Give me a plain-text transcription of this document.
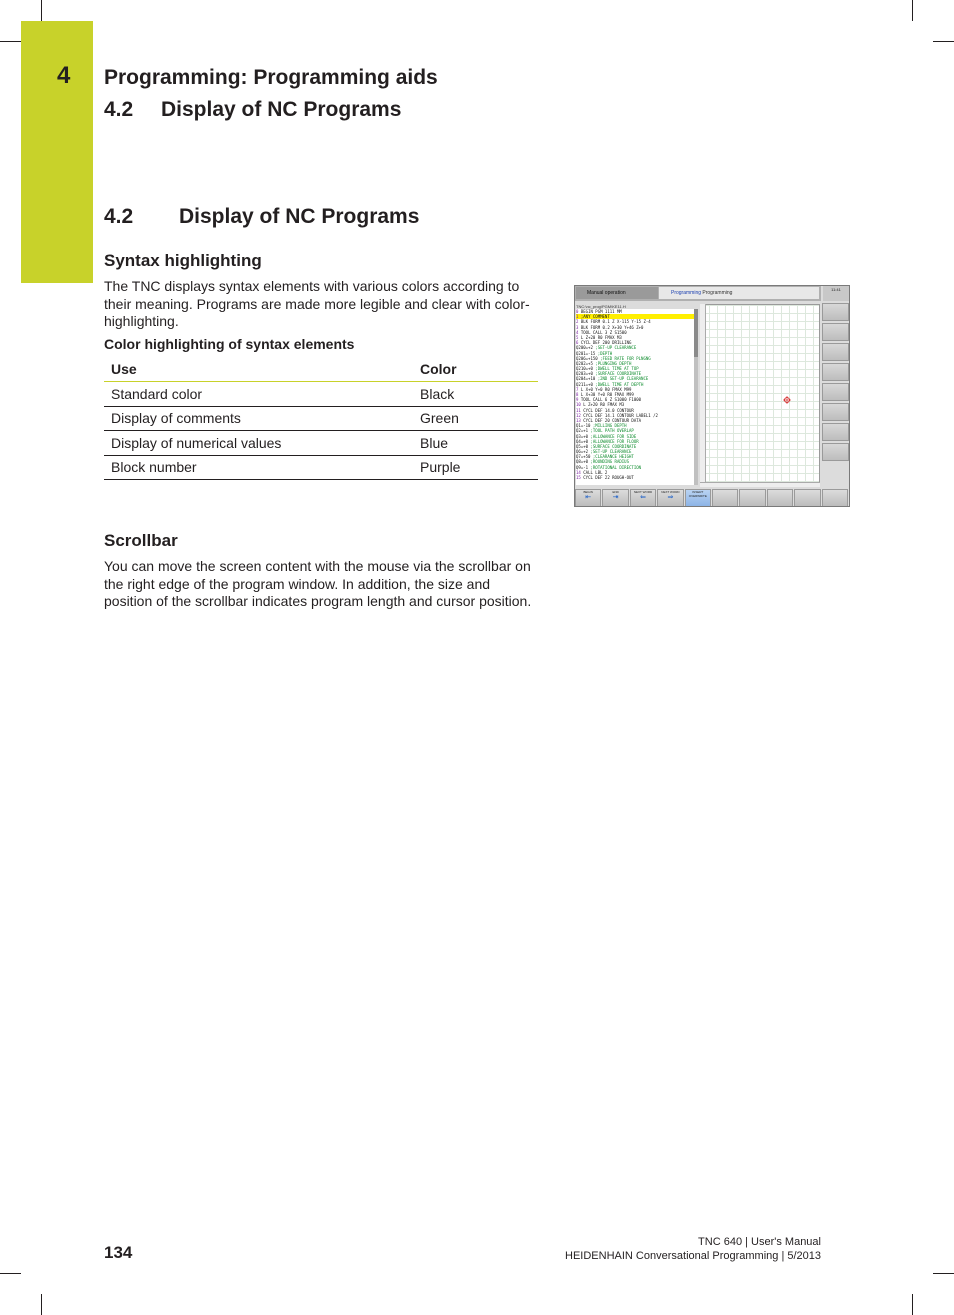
4 Programming: Programming aids
4.2 Display of NC Programs
4.2 Display of NC Programs
Syntax highlighting
The TNC displays syntax elements with various colors according to their meaning. Programs are made more legible and clear with color-highlighting.
Color highlighting of syntax elements
Use	Color
Standard color	Black
Display of comments	Green
Display of numerical values	Blue
Block number	Purple
Scrollbar
You can move the screen content with the mouse via the scrollbar on the right edge of the program window. In addition, the size and position of the scrollbar indicates program length and cursor position.
Manual operation	Programming Programming
11:41
TNC:\nc_prog\PGM\KE11.H
0 BEGIN PGM 1111 MM
1 ;ANY COMMENT
2 BLK FORM 0.1 Z X-115 Y-15 Z-4
3 BLK FORM 0.2 X+30 Y+46 Z+0
4 TOOL CALL 3 Z S1500
5 L Z+20 R0 FMAX M3
6 CYCL DEF 200 DRILLING
Q200=+2 ;SET-UP CLEARANCE
Q201=-15 ;DEPTH
Q206=+150 ;FEED RATE FOR PLNGNG
Q202=+5 ;PLUNGING DEPTH
Q210=+0 ;DWELL TIME AT TOP
Q203=+0 ;SURFACE COORDINATE
Q204=+10 ;2ND SET-UP CLEARANCE
Q211=+0 ;DWELL TIME AT DEPTH
7 L X+0 Y+0 R0 FMAX M99
8 L X+30 Y+0 R0 FMAX M99
9 TOOL CALL 6 Z S1000 F1000
10 L Z+20 R0 FMAX M3
11 CYCL DEF 14.0 CONTOUR
12 CYCL DEF 14.1 CONTOUR LABEL1 /2
13 CYCL DEF 20 CONTOUR DATA
Q1=-10 ;MILLING DEPTH
Q2=+1 ;TOOL PATH OVERLAP
Q3=+0 ;ALLOWANCE FOR SIDE
Q4=+0 ;ALLOWANCE FOR FLOOR
Q5=+0 ;SURFACE COORDINATE
Q6=+2 ;SET-UP CLEARANCE
Q7=+50 ;CLEARANCE HEIGHT
Q8=+0 ;ROUNDING RADIUS
Q9=-1 ;ROTATIONAL DIRECTION
14 CALL LBL 2
15 CYCL DEF 22 ROUGH-OUT
BEGIN
⇤
END
⇥
NEXT WORD
⇐
NEXT WORD
⇒
INSERT OVERWRITE
134
TNC 640 | User's Manual
HEIDENHAIN Conversational Programming | 5/2013
